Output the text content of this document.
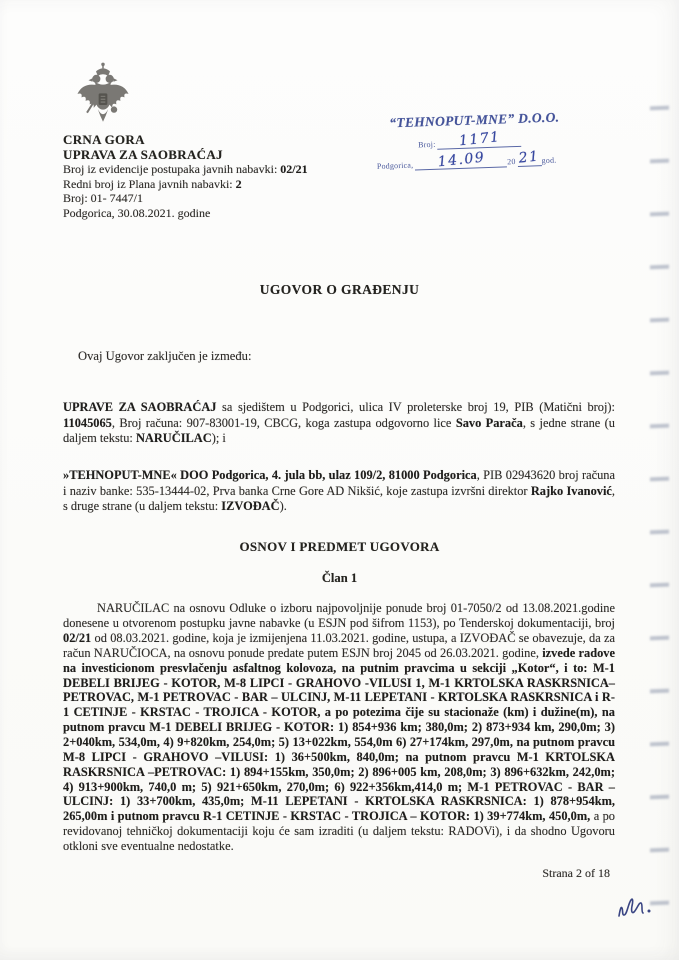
CRNA GORA
UPRAVA ZA SAOBRAĆAJ
Broj iz evidencije postupaka javnih nabavki: 02/21
Redni broj iz Plana javnih nabavki: 2
Broj: 01- 7447/1
Podgorica, 30.08.2021. godine
“TEHNOPUT-MNE” D.O.O.
Broj:	1171
Podgorica,	14.09	20 21 god.
UGOVOR O GRAĐENJU

Ovaj Ugovor zaključen je između:

UPRAVE ZA SAOBRAĆAJ sa sjedištem u Podgorici, ulica IV proleterske broj 19, PIB (Matični broj): 11045065, Broj računa: 907-83001-19, CBCG, koga zastupa odgovorno lice Savo Parača, s jedne strane (u daljem tekstu: NARUČILAC); i

»TEHNOPUT-MNE« DOO Podgorica, 4. jula bb, ulaz 109/2, 81000 Podgorica, PIB 02943620 broj računa i naziv banke: 535-13444-02, Prva banka Crne Gore AD Nikšić, koje zastupa izvršni direktor Rajko Ivanović, s druge strane (u daljem tekstu: IZVOĐAČ).

OSNOV I PREDMET UGOVORA
Član 1

NARUČILAC na osnovu Odluke o izboru najpovoljnije ponude broj 01-7050/2 od 13.08.2021.godine donesene u otvorenom postupku javne nabavke (u ESJN pod šifrom 1153), po Tenderskoj dokumentaciji, broj 02/21 od 08.03.2021. godine, koja je izmijenjena 11.03.2021. godine, ustupa, a IZVOĐAČ se obavezuje, da za račun NARUČIOCA, na osnovu ponude predate putem ESJN broj 2045 od 26.03.2021. godine, izvede radove na investicionom presvlačenju asfaltnog kolovoza, na putnim pravcima u sekciji „Kotor“, i to: M-1 DEBELI BRIJEG - KOTOR, M-8 LIPCI - GRAHOVO -VILUSI 1, M-1 KRTOLSKA RASKRSNICA–PETROVAC, M-1 PETROVAC - BAR – ULCINJ, M-11 LEPETANI - KRTOLSKA RASKRSNICA i R-1 CETINJE - KRSTAC - TROJICA - KOTOR, a po potezima čije su stacionaže (km) i dužine(m), na putnom pravcu M-1 DEBELI BRIJEG - KOTOR: 1) 854+936 km; 380,0m; 2) 873+934 km, 290,0m; 3) 2+040km, 534,0m, 4) 9+820km, 254,0m; 5) 13+022km, 554,0m 6) 27+174km, 297,0m, na putnom pravcu M-8 LIPCI - GRAHOVO –VILUSI: 1) 36+500km, 840,0m; na putnom pravcu M-1 KRTOLSKA RASKRSNICA –PETROVAC: 1) 894+155km, 350,0m; 2) 896+005 km, 208,0m; 3) 896+632km, 242,0m; 4) 913+900km, 740,0 m; 5) 921+650km, 270,0m; 6) 922+356km,414,0 m; M-1 PETROVAC - BAR – ULCINJ: 1) 33+700km, 435,0m; M-11 LEPETANI - KRTOLSKA RASKRSNICA: 1) 878+954km, 265,00m i putnom pravcu R-1 CETINJE - KRSTAC - TROJICA – KOTOR: 1) 39+774km, 450,0m, a po revidovanoj tehničkoj dokumentaciji koju će sam izraditi (u daljem tekstu: RADOVi), i da shodno Ugovoru otkloni sve eventualne nedostatke.

Strana 2 of 18
